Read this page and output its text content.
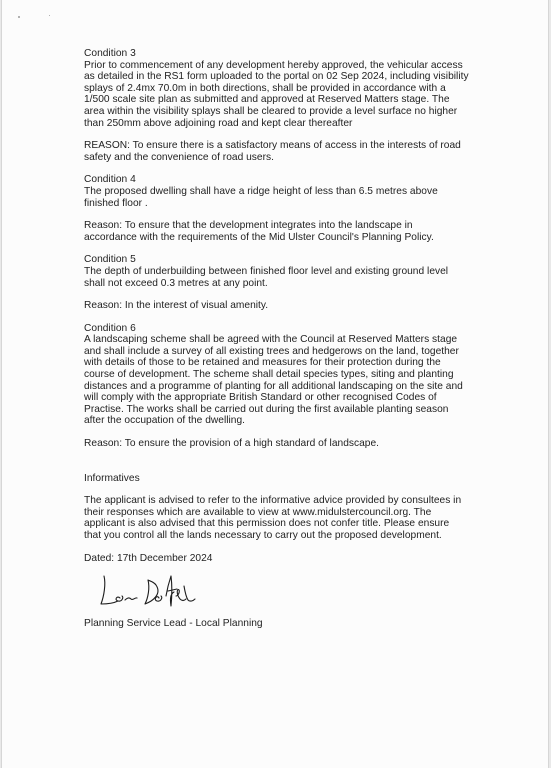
Condition 3

Prior to commencement of any development hereby approved, the vehicular access
as detailed in the RS1 form uploaded to the portal on 02 Sep 2024, including visibility
splays of 2.4mx 70.0m in both directions, shall be provided in accordance with a
1/500 scale site plan as submitted and approved at Reserved Matters stage. The
area within the visibility splays shall be cleared to provide a level surface no higher
than 250mm above adjoining road and kept clear thereafter

REASON: To ensure there is a satisfactory means of access in the interests of road
safety and the convenience of road users.

Condition 4

The proposed dwelling shall have a ridge height of less than 6.5 metres above
finished floor .

Reason: To ensure that the development integrates into the landscape in
accordance with the requirements of the Mid Ulster Council's Planning Policy.

Condition 5

The depth of underbuilding between finished floor level and existing ground level
shall not exceed 0.3 metres at any point.

Reason: In the interest of visual amenity.

Condition 6

A landscaping scheme shall be agreed with the Council at Reserved Matters stage
and shall include a survey of all existing trees and hedgerows on the land, together
with details of those to be retained and measures for their protection during the
course of development. The scheme shall detail species types, siting and planting
distances and a programme of planting for all additional landscaping on the site and
will comply with the appropriate British Standard or other recognised Codes of
Practise. The works shall be carried out during the first available planting season
after the occupation of the dwelling.

Reason: To ensure the provision of a high standard of landscape.

Informatives

The applicant is advised to refer to the informative advice provided by consultees in
their responses which are available to view at www.midulstercouncil.org. The
applicant is also advised that this permission does not confer title. Please ensure
that you control all the lands necessary to carry out the proposed development.

Dated: 17th December 2024

Planning Service Lead - Local Planning
